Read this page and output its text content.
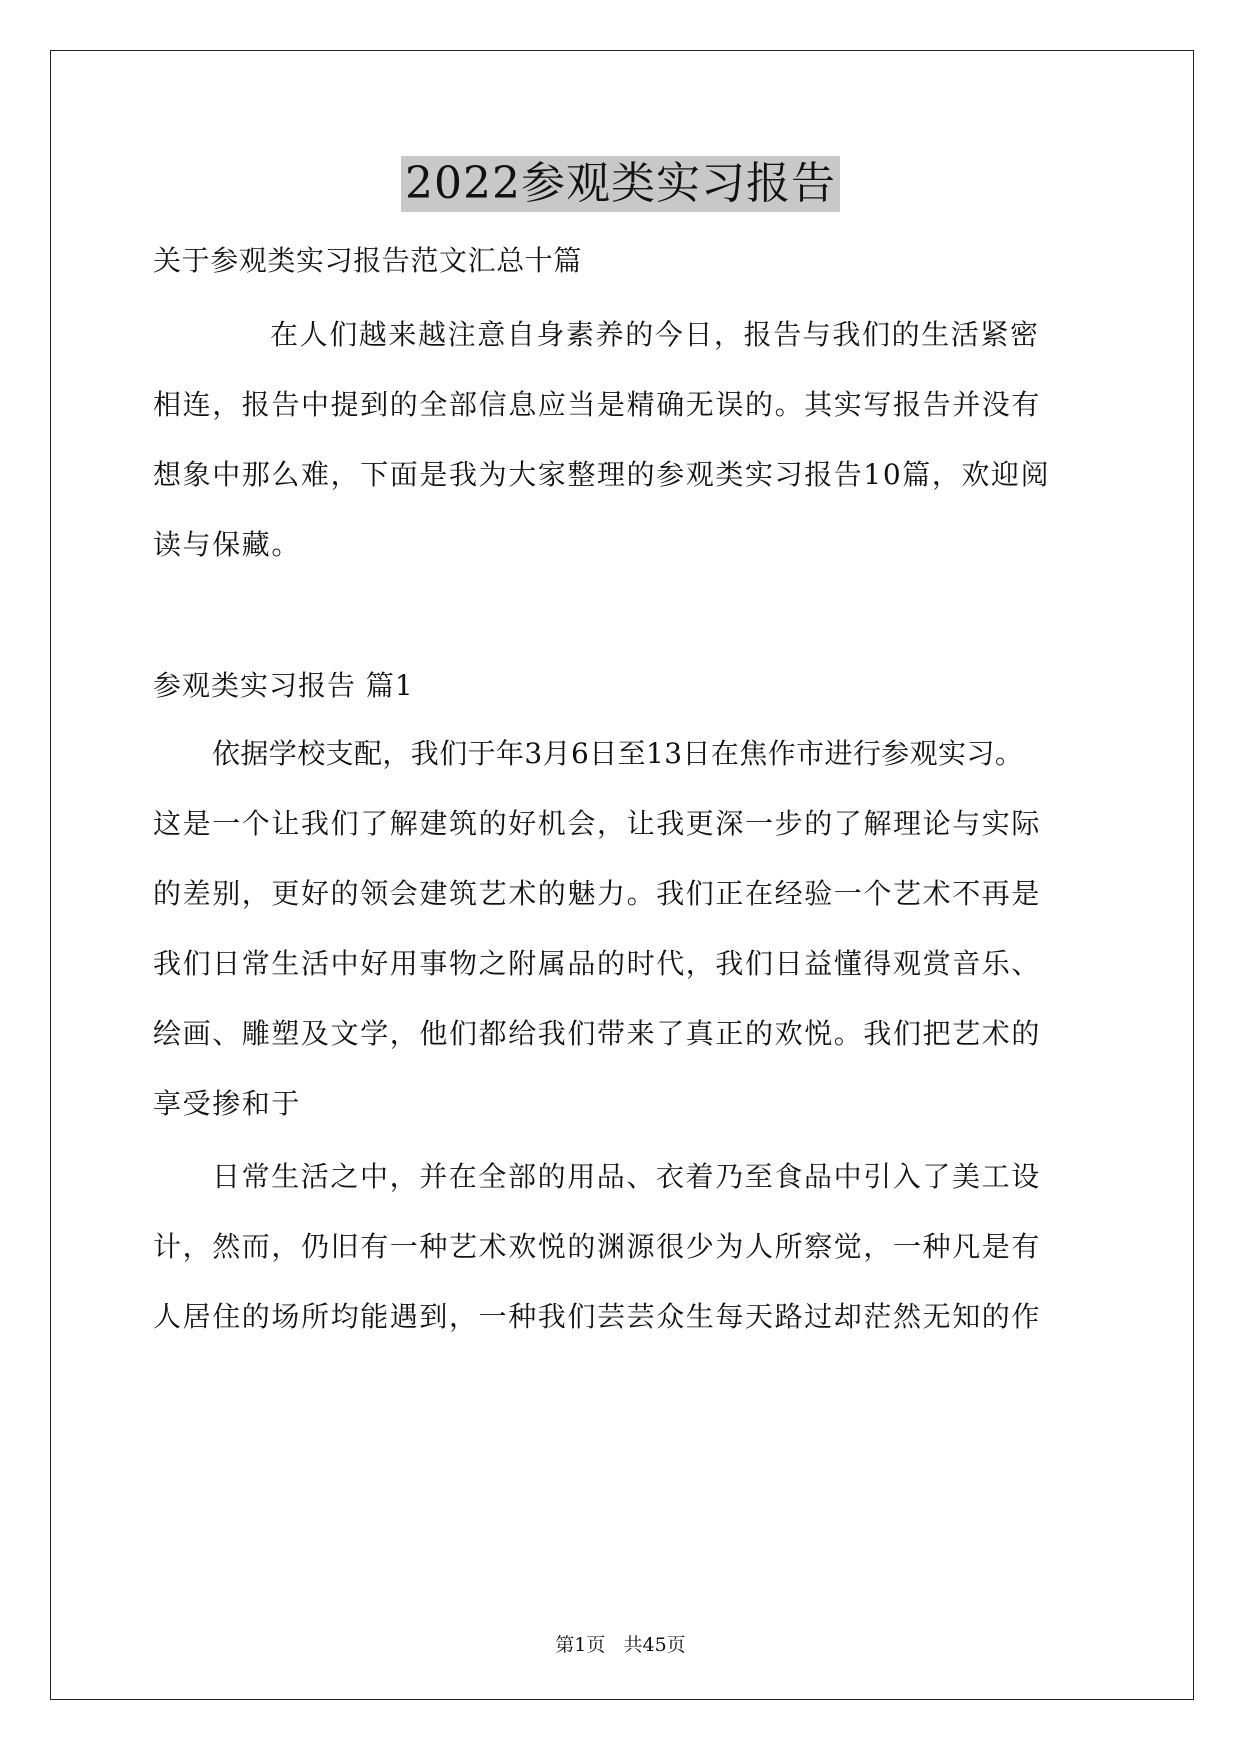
2022参观类实习报告
关于参观类实习报告范文汇总十篇
在人们越来越注意自身素养的今日，报告与我们的生活紧密
相连，报告中提到的全部信息应当是精确无误的。其实写报告并没有
想象中那么难，下面是我为大家整理的参观类实习报告10篇，欢迎阅
读与保藏。
参观类实习报告 篇1
依据学校支配，我们于年3月6日至13日在焦作市进行参观实习。
这是一个让我们了解建筑的好机会，让我更深一步的了解理论与实际
的差别，更好的领会建筑艺术的魅力。我们正在经验一个艺术不再是
我们日常生活中好用事物之附属品的时代，我们日益懂得观赏音乐、
绘画、雕塑及文学，他们都给我们带来了真正的欢悦。我们把艺术的
享受掺和于
日常生活之中，并在全部的用品、衣着乃至食品中引入了美工设
计，然而，仍旧有一种艺术欢悦的渊源很少为人所察觉，一种凡是有
人居住的场所均能遇到，一种我们芸芸众生每天路过却茫然无知的作
第1页   共45页
